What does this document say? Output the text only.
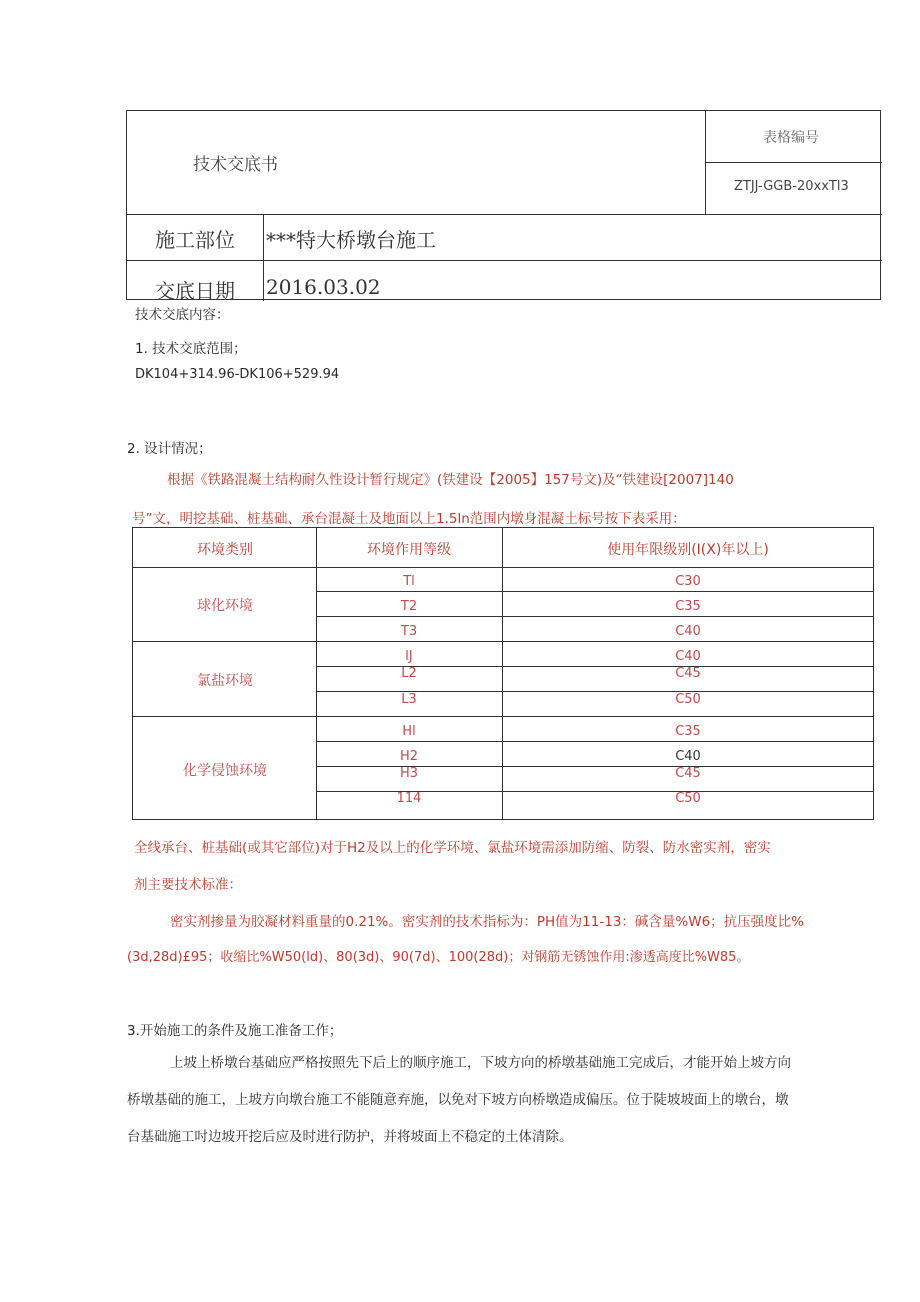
技术交底书
表格编号
ZTJJ-GGB-20xxTl3
施工部位 ***特大桥墩台施工
交底日期 2016.03.02
技术交底内容：
1. 技术交底范围；
DK104+314.96-DK106+529.94
2. 设计情况；
根据《铁路混凝土结构耐久性设计暂行规定》(铁建设【2005】157号文)及“铁建设[2007]140
号”文，明挖基础、桩基础、承台混凝土及地面以上1.5ln范围内墩身混凝土标号按下表采用：
环境类别	环境作用等级	使用年限级别(I(X)年以上)
球化环境
Tl	C30
T2	C35
T3	C40
氯盐环境
lJ	C40
L2	C45
L3	C50
化学侵蚀环境
Hl	C35
H2	C40
H3	C45
114	C50
全线承台、桩基础(或其它部位)对于H2及以上的化学环境、氯盐环境需添加防缩、防裂、防水密实剂，密实
剂主要技术标准：
密实剂掺量为胶凝材料重量的0.21%。密实剂的技术指标为：PH值为11-13：碱含量%W6；抗压强度比%
(3d,28d)£95；收缩比%W50(ld)、80(3d)、90(7d)、100(28d)；对钢筋无锈蚀作用:渗透高度比%W85。
3.开始施工的条件及施工准备工作；
上坡上桥墩台基础应严格按照先下后上的顺序施工，下坡方向的桥墩基础施工完成后，才能开始上坡方向
桥墩基础的施工，上坡方向墩台施工不能随意弃施，以免对下坡方向桥墩造成偏压。位于陡坡坡面上的墩台，墩
台基础施工吋边坡开挖后应及时进行防护，并将坡面上不稳定的土体清除。
